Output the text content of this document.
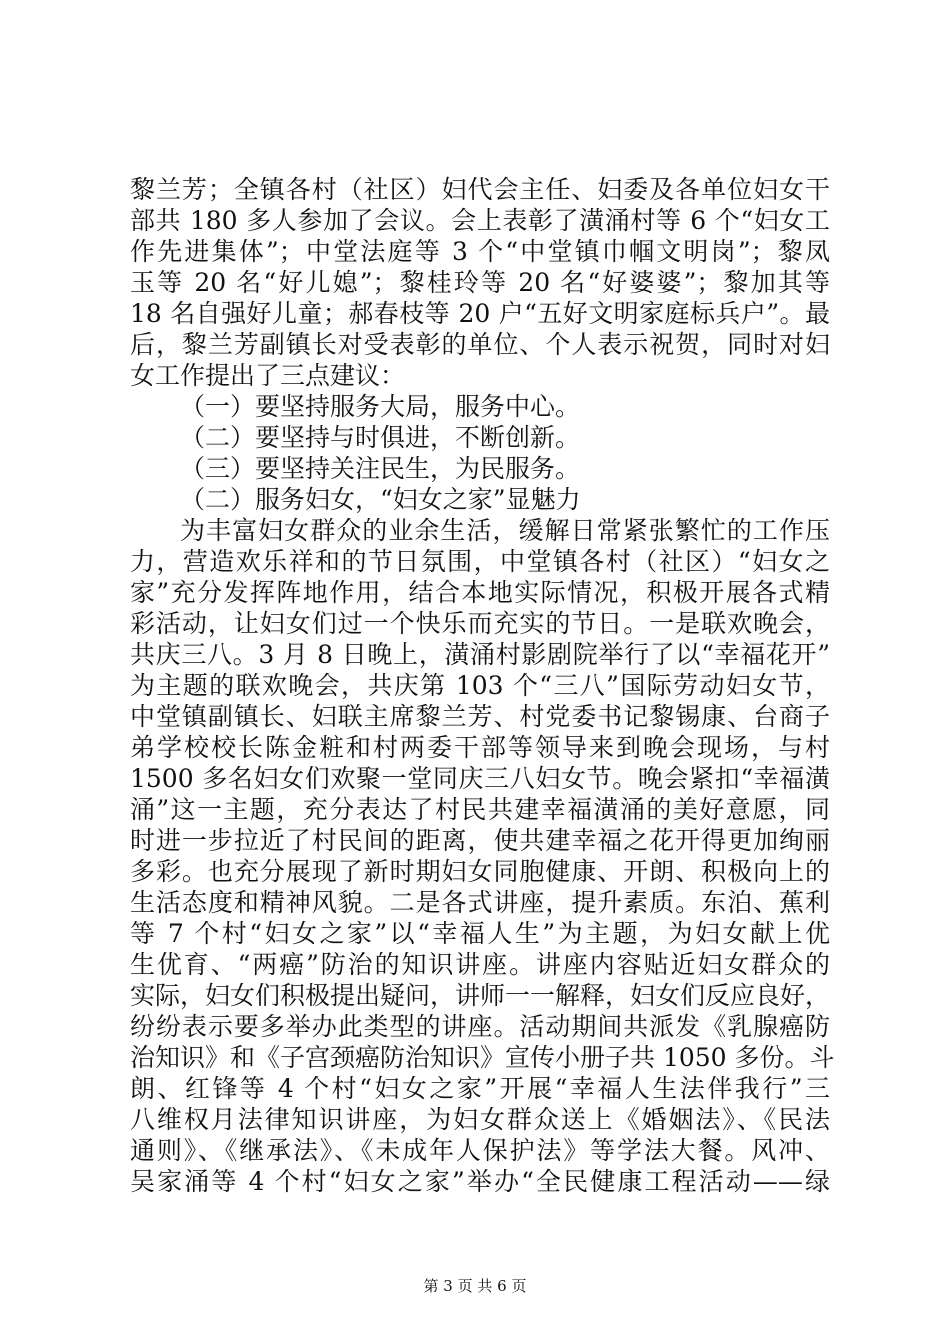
黎兰芳；全镇各村（社区）妇代会主任、妇委及各单位妇女干
部共 180 多人参加了会议。会上表彰了潢涌村等 6 个“妇女工
作先进集体”；中堂法庭等 3 个“中堂镇巾帼文明岗”；黎凤
玉等 20 名“好儿媳”；黎桂玲等 20 名“好婆婆”；黎加其等
18 名自强好儿童；郝春枝等 20 户“五好文明家庭标兵户”。最
后，黎兰芳副镇长对受表彰的单位、个人表示祝贺，同时对妇
女工作提出了三点建议：
（一）要坚持服务大局，服务中心。
（二）要坚持与时俱进，不断创新。
（三）要坚持关注民生，为民服务。
（二）服务妇女，“妇女之家”显魅力
为丰富妇女群众的业余生活，缓解日常紧张繁忙的工作压
力，营造欢乐祥和的节日氛围，中堂镇各村（社区）“妇女之
家”充分发挥阵地作用，结合本地实际情况，积极开展各式精
彩活动，让妇女们过一个快乐而充实的节日。一是联欢晚会，
共庆三八。3 月 8 日晚上，潢涌村影剧院举行了以“幸福花开”
为主题的联欢晚会，共庆第 103 个“三八”国际劳动妇女节，
中堂镇副镇长、妇联主席黎兰芳、村党委书记黎锡康、台商子
弟学校校长陈金粧和村两委干部等领导来到晚会现场，与村
1500 多名妇女们欢聚一堂同庆三八妇女节。晚会紧扣“幸福潢
涌”这一主题，充分表达了村民共建幸福潢涌的美好意愿，同
时进一步拉近了村民间的距离，使共建幸福之花开得更加绚丽
多彩。也充分展现了新时期妇女同胞健康、开朗、积极向上的
生活态度和精神风貌。二是各式讲座，提升素质。东泊、蕉利
等 7 个村“妇女之家”以“幸福人生”为主题，为妇女献上优
生优育、“两癌”防治的知识讲座。讲座内容贴近妇女群众的
实际，妇女们积极提出疑问，讲师一一解释，妇女们反应良好，
纷纷表示要多举办此类型的讲座。活动期间共派发《乳腺癌防
治知识》和《子宫颈癌防治知识》宣传小册子共 1050 多份。斗
朗、红锋等 4 个村“妇女之家”开展“幸福人生法伴我行”三
八维权月法律知识讲座，为妇女群众送上《婚姻法》、《民法
通则》、《继承法》、《未成年人保护法》等学法大餐。风冲、
吴家涌等 4 个村“妇女之家”举办“全民健康工程活动——绿
第 3 页 共 6 页
